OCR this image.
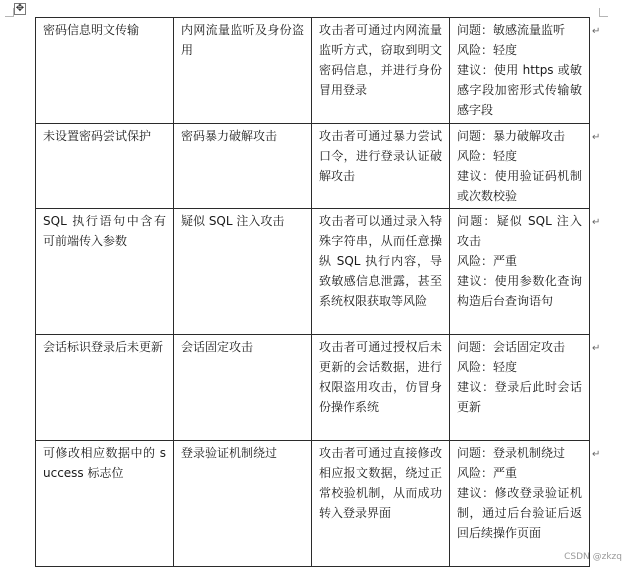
✥
密码信息明文传输	内网流量监听及身份盗用	攻击者可通过内网流量监听方式，窃取到明文密码信息，并进行身份冒用登录	问题：敏感流量监听
风险：轻度
建议：使用 https 或敏感字段加密形式传输敏感字段
未设置密码尝试保护	密码暴力破解攻击	攻击者可通过暴力尝试口令，进行登录认证破解攻击	问题：暴力破解攻击
风险：轻度
建议：使用验证码机制或次数校验
SQL 执行语句中含有可前端传入参数	疑似 SQL 注入攻击	攻击者可以通过录入特殊字符串，从而任意操纵 SQL 执行内容，导致敏感信息泄露，甚至系统权限获取等风险	问题：疑似 SQL 注入攻击
风险：严重
建议：使用参数化查询构造后台查询语句
会话标识登录后未更新	会话固定攻击	攻击者可通过授权后未更新的会话数据，进行权限盗用攻击，仿冒身份操作系统	问题：会话固定攻击
风险：轻度
建议：登录后此时会话更新
可修改相应数据中的 success 标志位	登录验证机制绕过	攻击者可通过直接修改相应报文数据，绕过正常校验机制，从而成功转入登录界面	问题：登录机制绕过
风险：严重
建议：修改登录验证机制，通过后台验证后返回后续操作页面
↵
↵
↵
↵
↵
CSDN @zkzq
